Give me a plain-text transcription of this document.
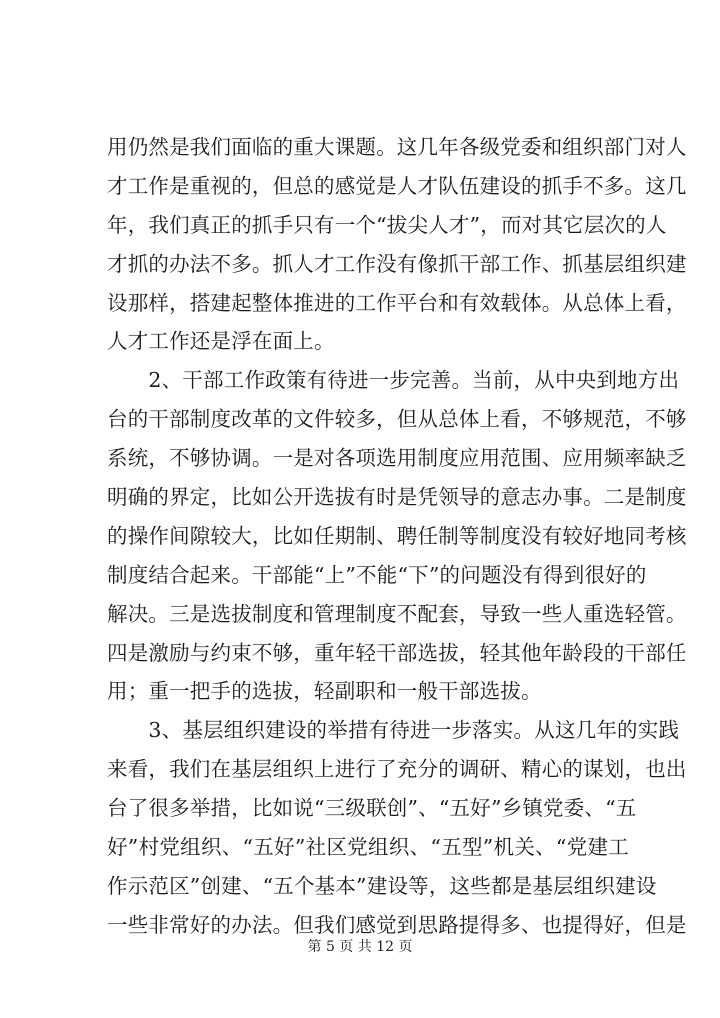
用仍然是我们面临的重大课题。这几年各级党委和组织部门对人
才工作是重视的，但总的感觉是人才队伍建设的抓手不多。这几
年，我们真正的抓手只有一个“拔尖人才”，而对其它层次的人
才抓的办法不多。抓人才工作没有像抓干部工作、抓基层组织建
设那样，搭建起整体推进的工作平台和有效载体。从总体上看，
人才工作还是浮在面上。
　　2、干部工作政策有待进一步完善。当前，从中央到地方出
台的干部制度改革的文件较多，但从总体上看，不够规范，不够
系统，不够协调。一是对各项选用制度应用范围、应用频率缺乏
明确的界定，比如公开选拔有时是凭领导的意志办事。二是制度
的操作间隙较大，比如任期制、聘任制等制度没有较好地同考核
制度结合起来。干部能“上”不能“下”的问题没有得到很好的
解决。三是选拔制度和管理制度不配套，导致一些人重选轻管。
四是激励与约束不够，重年轻干部选拔，轻其他年龄段的干部任
用；重一把手的选拔，轻副职和一般干部选拔。
　　3、基层组织建设的举措有待进一步落实。从这几年的实践
来看，我们在基层组织上进行了充分的调研、精心的谋划，也出
台了很多举措，比如说“三级联创”、“五好”乡镇党委、“五
好”村党组织、“五好”社区党组织、“五型”机关、“党建工
作示范区”创建、“五个基本”建设等，这些都是基层组织建设
一些非常好的办法。但我们感觉到思路提得多、也提得好，但是
第 5 页 共 12 页
